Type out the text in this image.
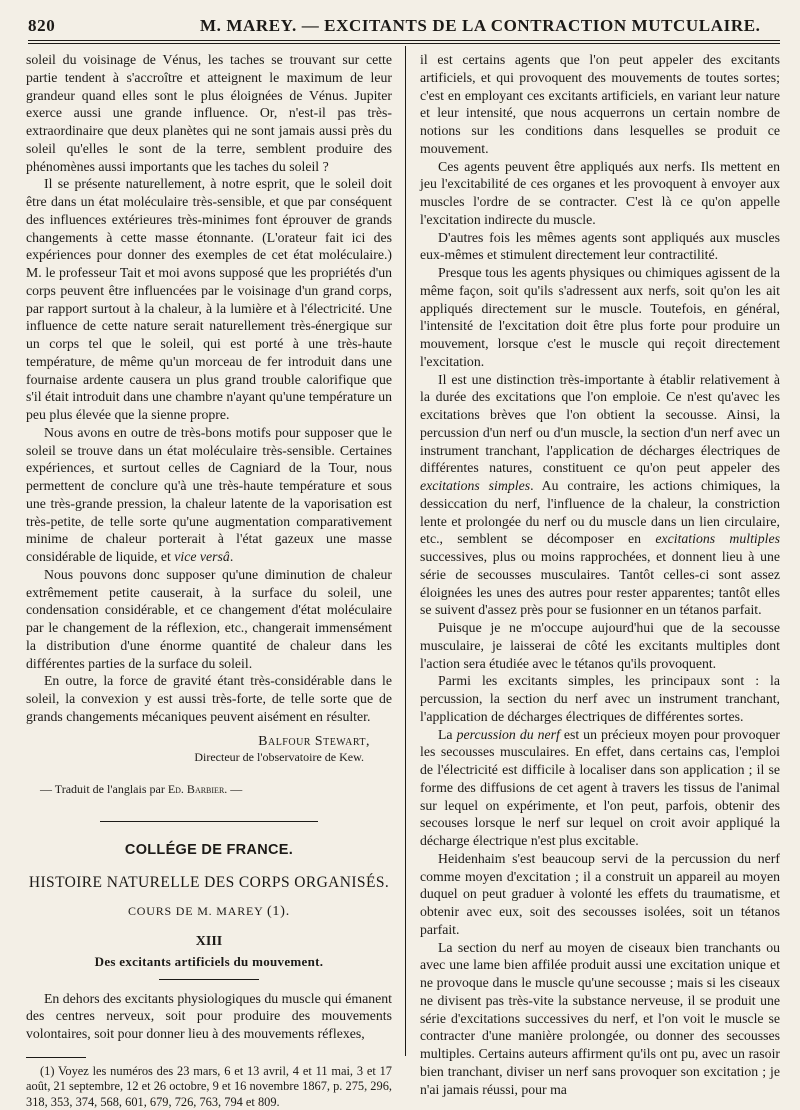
820	M. MAREY. — EXCITANTS DE LA CONTRACTION MUTCULAIRE.

soleil du voisinage de Vénus, les taches se trouvant sur cette partie tendent à s'accroître et atteignent le maximum de leur grandeur quand elles sont le plus éloignées de Vénus. Jupiter exerce aussi une grande influence. Or, n'est-il pas très-extraordinaire que deux planètes qui ne sont jamais aussi près du soleil qu'elles le sont de la terre, semblent produire des phénomènes aussi importants que les taches du soleil ?

Il se présente naturellement, à notre esprit, que le soleil doit être dans un état moléculaire très-sensible, et que par conséquent des influences extérieures très-minimes font éprouver de grands changements à cette masse étonnante. (L'orateur fait ici des expériences pour donner des exemples de cet état moléculaire.) M. le professeur Tait et moi avons supposé que les propriétés d'un corps peuvent être influencées par le voisinage d'un grand corps, par rapport surtout à la chaleur, à la lumière et à l'électricité. Une influence de cette nature serait naturellement très-énergique sur un corps tel que le soleil, qui est porté à une très-haute température, de même qu'un morceau de fer introduit dans une fournaise ardente causera un plus grand trouble calorifique que s'il était introduit dans une chambre n'ayant qu'une température un peu plus élevée que la sienne propre.

Nous avons en outre de très-bons motifs pour supposer que le soleil se trouve dans un état moléculaire très-sensible. Certaines expériences, et surtout celles de Cagniard de la Tour, nous permettent de conclure qu'à une très-haute température et sous une très-grande pression, la chaleur latente de la vaporisation est très-petite, de telle sorte qu'une augmentation comparativement minime de chaleur porterait à l'état gazeux une masse considérable de liquide, et vice versâ.

Nous pouvons donc supposer qu'une diminution de chaleur extrêmement petite causerait, à la surface du soleil, une condensation considérable, et ce changement d'état moléculaire par le changement de la réflexion, etc., changerait immensément la distribution d'une énorme quantité de chaleur dans les différentes parties de la surface du soleil.

En outre, la force de gravité étant très-considérable dans le soleil, la convexion y est aussi très-forte, de telle sorte que de grands changements mécaniques peuvent aisément en résulter.

Balfour Stewart,

Directeur de l'observatoire de Kew.

— Traduit de l'anglais par Ed. Barbier. —

COLLÉGE DE FRANCE.

HISTOIRE NATURELLE DES CORPS ORGANISÉS.

COURS DE M. MAREY (1).

XIII

Des excitants artificiels du mouvement.

En dehors des excitants physiologiques du muscle qui émanent des centres nerveux, soit pour produire des mouvements volontaires, soit pour donner lieu à des mouvements réflexes,

(1) Voyez les numéros des 23 mars, 6 et 13 avril, 4 et 11 mai, 3 et 17 août, 21 septembre, 12 et 26 octobre, 9 et 16 novembre 1867, p. 275, 296, 318, 353, 374, 568, 601, 679, 726, 763, 794 et 809.

il est certains agents que l'on peut appeler des excitants artificiels, et qui provoquent des mouvements de toutes sortes; c'est en employant ces excitants artificiels, en variant leur nature et leur intensité, que nous acquerrons un certain nombre de notions sur les conditions dans lesquelles se produit ce mouvement.

Ces agents peuvent être appliqués aux nerfs. Ils mettent en jeu l'excitabilité de ces organes et les provoquent à envoyer aux muscles l'ordre de se contracter. C'est là ce qu'on appelle l'excitation indirecte du muscle.

D'autres fois les mêmes agents sont appliqués aux muscles eux-mêmes et stimulent directement leur contractilité.

Presque tous les agents physiques ou chimiques agissent de la même façon, soit qu'ils s'adressent aux nerfs, soit qu'on les ait appliqués directement sur le muscle. Toutefois, en général, l'intensité de l'excitation doit être plus forte pour produire un mouvement, lorsque c'est le muscle qui reçoit directement l'excitation.

Il est une distinction très-importante à établir relativement à la durée des excitations que l'on emploie. Ce n'est qu'avec les excitations brèves que l'on obtient la secousse. Ainsi, la percussion d'un nerf ou d'un muscle, la section d'un nerf avec un instrument tranchant, l'application de décharges électriques de différentes natures, constituent ce qu'on peut appeler des excitations simples. Au contraire, les actions chimiques, la dessiccation du nerf, l'influence de la chaleur, la constriction lente et prolongée du nerf ou du muscle dans un lien circulaire, etc., semblent se décomposer en excitations multiples successives, plus ou moins rapprochées, et donnent lieu à une série de secousses musculaires. Tantôt celles-ci sont assez éloignées les unes des autres pour rester apparentes; tantôt elles se suivent d'assez près pour se fusionner en un tétanos parfait.

Puisque je ne m'occupe aujourd'hui que de la secousse musculaire, je laisserai de côté les excitants multiples dont l'action sera étudiée avec le tétanos qu'ils provoquent.

Parmi les excitants simples, les principaux sont : la percussion, la section du nerf avec un instrument tranchant, l'application de décharges électriques de différentes sortes.

La percussion du nerf est un précieux moyen pour provoquer les secousses musculaires. En effet, dans certains cas, l'emploi de l'électricité est difficile à localiser dans son application ; il se forme des diffusions de cet agent à travers les tissus de l'animal sur lequel on expérimente, et l'on peut, parfois, obtenir des secouses lorsque le nerf sur lequel on croit avoir appliqué la décharge électrique n'est plus excitable.

Heidenhaim s'est beaucoup servi de la percussion du nerf comme moyen d'excitation ; il a construit un appareil au moyen duquel on peut graduer à volonté les effets du traumatisme, et obtenir avec eux, soit des secousses isolées, soit un tétanos parfait.

La section du nerf au moyen de ciseaux bien tranchants ou avec une lame bien affilée produit aussi une excitation unique et ne provoque dans le muscle qu'une secousse ; mais si les ciseaux ne divisent pas très-vite la substance nerveuse, il se produit une série d'excitations successives du nerf, et l'on voit le muscle se contracter d'une manière prolongée, ou donner des secousses multiples. Certains auteurs affirment qu'ils ont pu, avec un rasoir bien tranchant, diviser un nerf sans provoquer son excitation ; je n'ai jamais réussi, pour ma
